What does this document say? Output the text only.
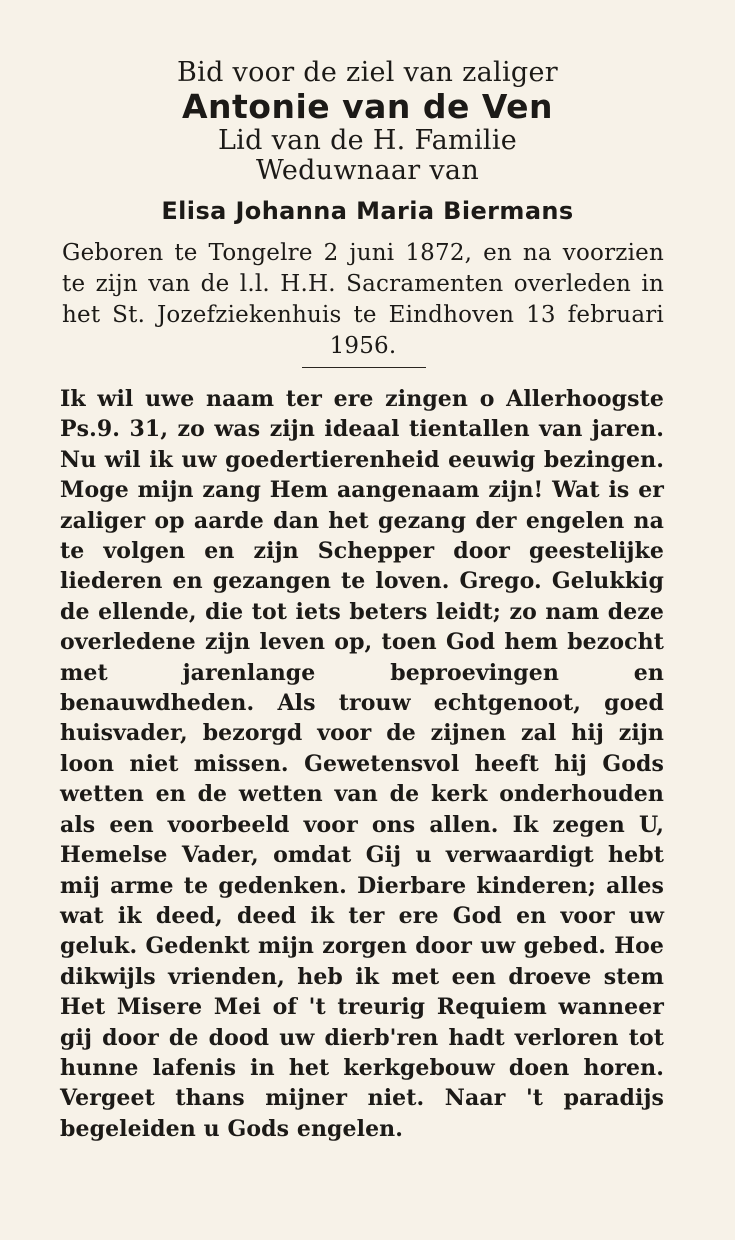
Bid voor de ziel van zaliger
Antonie van de Ven
Lid van de H. Familie
Weduwnaar van
Elisa Johanna Maria Biermans
Geboren te Tongelre 2 juni 1872, en na voorzien te zijn van de l.l. H.H. Sacramenten overleden in het St. Jozefziekenhuis te Eindhoven 13 februari 1956.
Ik wil uwe naam ter ere zingen o Allerhoogste Ps.9. 31, zo was zijn ideaal tientallen van jaren. Nu wil ik uw goedertierenheid eeuwig bezingen. Moge mijn zang Hem aangenaam zijn! Wat is er zaliger op aarde dan het gezang der engelen na te volgen en zijn Schepper door geestelijke liederen en gezangen te loven. Grego. Gelukkig de ellende, die tot iets beters leidt; zo nam deze overledene zijn leven op, toen God hem bezocht met jarenlange beproevingen en benauwdheden. Als trouw echtgenoot, goed huisvader, bezorgd voor de zijnen zal hij zijn loon niet missen. Gewetensvol heeft hij Gods wetten en de wetten van de kerk onderhouden als een voorbeeld voor ons allen. Ik zegen U, Hemelse Vader, omdat Gij u verwaardigt hebt mij arme te gedenken. Dierbare kinderen; alles wat ik deed, deed ik ter ere God en voor uw geluk. Gedenkt mijn zorgen door uw gebed. Hoe dikwijls vrienden, heb ik met een droeve stem Het Misere Mei of 't treurig Requiem wanneer gij door de dood uw dierb'ren hadt verloren tot hunne lafenis in het kerkgebouw doen horen. Vergeet thans mijner niet. Naar 't paradijs begeleiden u Gods engelen.
